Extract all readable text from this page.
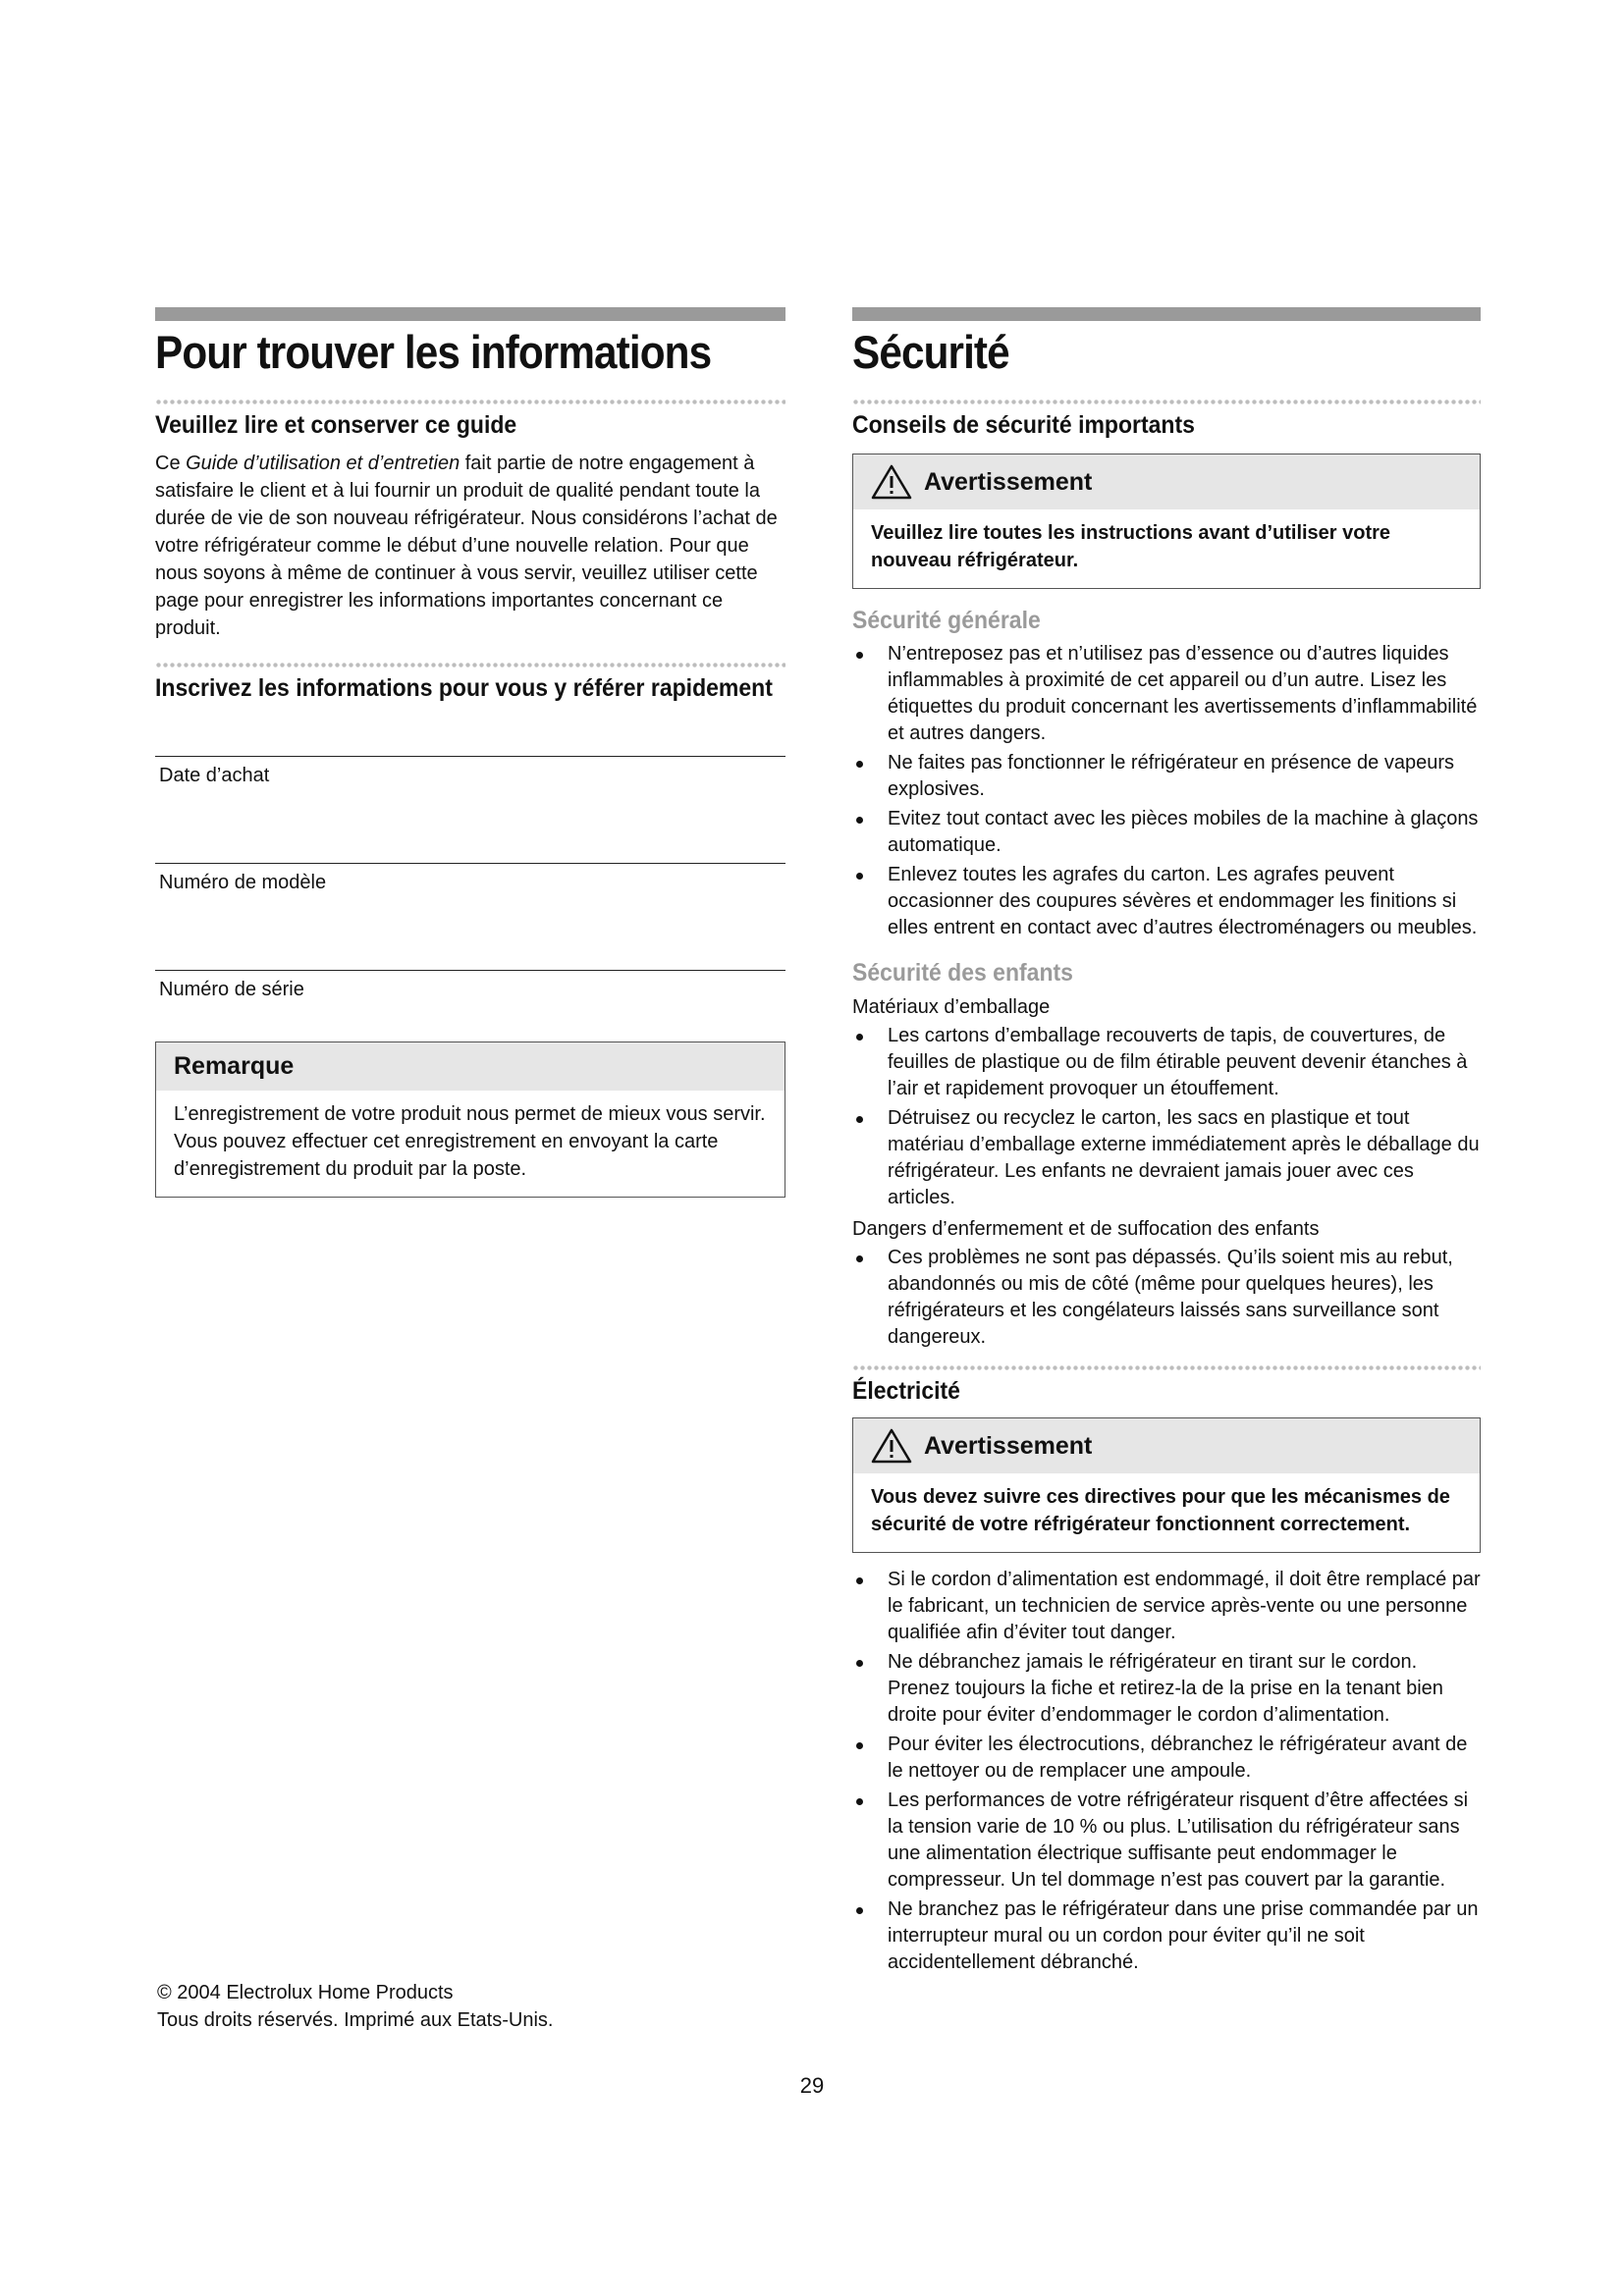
Pour trouver les informations
Veuillez lire et conserver ce guide

Ce Guide d’utilisation et d’entretien fait partie de notre engagement à satisfaire le client et à lui fournir un produit de qualité pendant toute la durée de vie de son nouveau réfrigérateur. Nous considérons l’achat de votre réfrigérateur comme le début d’une nouvelle relation. Pour que nous soyons à même de continuer à vous servir, veuillez utiliser cette page pour enregistrer les informations importantes concernant ce produit.

Inscrivez les informations pour vous y référer rapidement
Date d’achat
Numéro de modèle
Numéro de série
Remarque
L’enregistrement de votre produit nous permet de mieux vous servir. Vous pouvez effectuer cet enregistrement en envoyant la carte d’enregistrement du produit par la poste.
© 2004 Electrolux Home Products
Tous droits réservés. Imprimé aux Etats-Unis.
Sécurité
Conseils de sécurité importants
Avertissement
Veuillez lire toutes les instructions avant d’utiliser votre nouveau réfrigérateur.
Sécurité générale
N’entreposez pas et n’utilisez pas d’essence ou d’autres liquides inflammables à proximité de cet appareil ou d’un autre. Lisez les étiquettes du produit concernant les avertissements d’inflammabilité et autres dangers.
Ne faites pas fonctionner le réfrigérateur en présence de vapeurs explosives.
Evitez tout contact avec les pièces mobiles de la machine à glaçons automatique.
Enlevez toutes les agrafes du carton. Les agrafes peuvent occasionner des coupures sévères et endommager les finitions si elles entrent en contact avec d’autres électroménagers ou meubles.
Sécurité des enfants
Matériaux d’emballage
Les cartons d’emballage recouverts de tapis, de couvertures, de feuilles de plastique ou de film étirable peuvent devenir étanches à l’air et rapidement provoquer un étouffement.
Détruisez ou recyclez le carton, les sacs en plastique et tout matériau d’emballage externe immédiatement après le déballage du réfrigérateur. Les enfants ne devraient jamais jouer avec ces articles.
Dangers d’enfermement et de suffocation des enfants
Ces problèmes ne sont pas dépassés. Qu’ils soient mis au rebut, abandonnés ou mis de côté (même pour quelques heures), les réfrigérateurs et les congélateurs laissés sans surveillance sont dangereux.
Électricité
Avertissement
Vous devez suivre ces directives pour que les mécanismes de sécurité de votre réfrigérateur fonctionnent correctement.
Si le cordon d’alimentation est endommagé, il doit être remplacé par le fabricant, un technicien de service après-vente ou une personne qualifiée afin d’éviter tout danger.
Ne débranchez jamais le réfrigérateur en tirant sur le cordon. Prenez toujours la fiche et retirez-la de la prise en la tenant bien droite pour éviter d’endommager le cordon d’alimentation.
Pour éviter les électrocutions, débranchez le réfrigérateur avant de le nettoyer ou de remplacer une ampoule.
Les performances de votre réfrigérateur risquent d’être affectées si la tension varie de 10 % ou plus. L’utilisation du réfrigérateur sans une alimentation électrique suffisante peut endommager le compresseur. Un tel dommage n’est pas couvert par la garantie.
Ne branchez pas le réfrigérateur dans une prise commandée par un interrupteur mural ou un cordon pour éviter qu’il ne soit accidentellement débranché.
29
